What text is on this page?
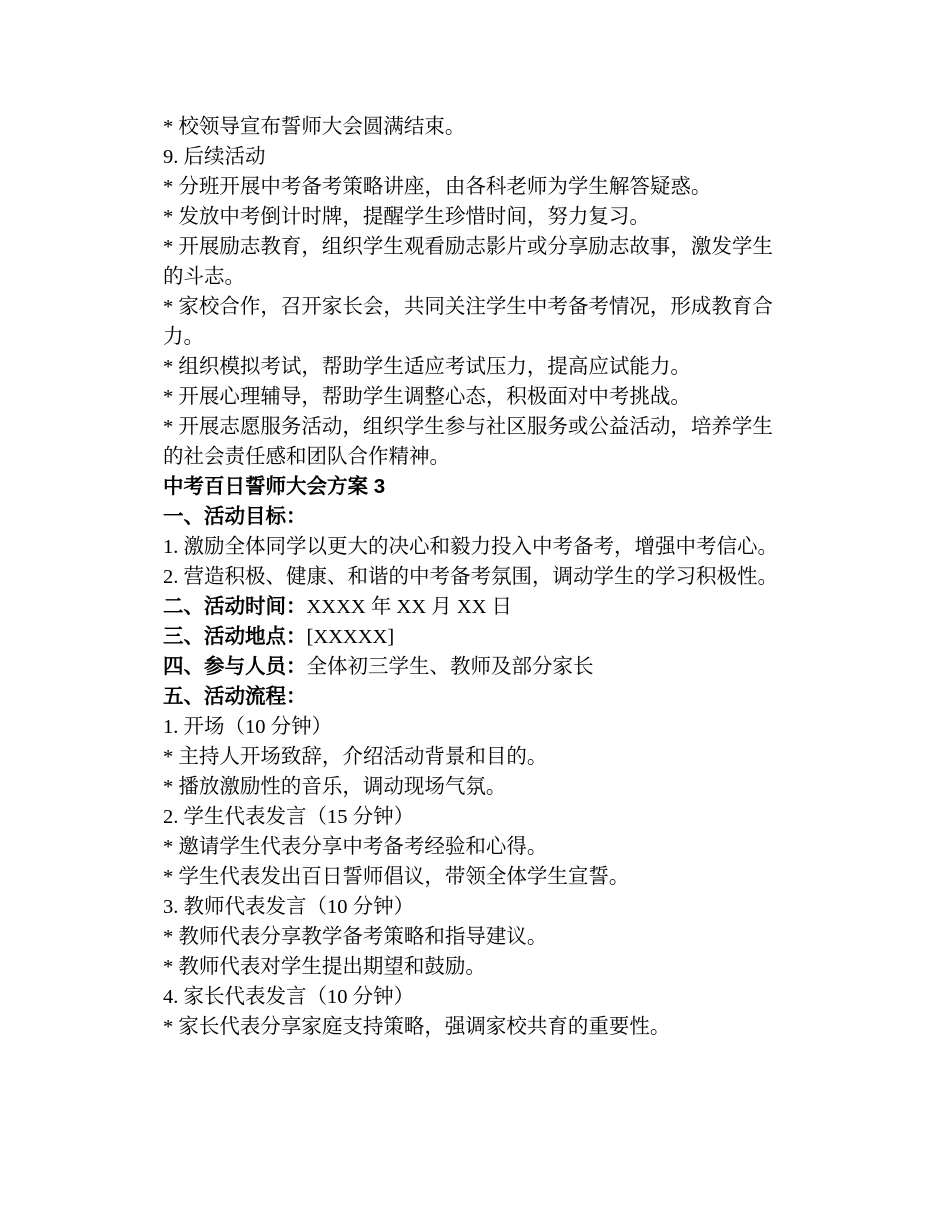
* 校领导宣布誓师大会圆满结束。

9. 后续活动

* 分班开展中考备考策略讲座，由各科老师为学生解答疑惑。

* 发放中考倒计时牌，提醒学生珍惜时间，努力复习。

* 开展励志教育，组织学生观看励志影片或分享励志故事，激发学生的斗志。

* 家校合作，召开家长会，共同关注学生中考备考情况，形成教育合力。

* 组织模拟考试，帮助学生适应考试压力，提高应试能力。

* 开展心理辅导，帮助学生调整心态，积极面对中考挑战。

* 开展志愿服务活动，组织学生参与社区服务或公益活动，培养学生的社会责任感和团队合作精神。

中考百日誓师大会方案 3

一、活动目标：

1. 激励全体同学以更大的决心和毅力投入中考备考，增强中考信心。

2. 营造积极、健康、和谐的中考备考氛围，调动学生的学习积极性。

二、活动时间：XXXX 年 XX 月 XX 日

三、活动地点：[XXXXX]

四、参与人员：全体初三学生、教师及部分家长

五、活动流程：

1. 开场（10 分钟）

* 主持人开场致辞，介绍活动背景和目的。

* 播放激励性的音乐，调动现场气氛。

2. 学生代表发言（15 分钟）

* 邀请学生代表分享中考备考经验和心得。

* 学生代表发出百日誓师倡议，带领全体学生宣誓。

3. 教师代表发言（10 分钟）

* 教师代表分享教学备考策略和指导建议。

* 教师代表对学生提出期望和鼓励。

4. 家长代表发言（10 分钟）

* 家长代表分享家庭支持策略，强调家校共育的重要性。
